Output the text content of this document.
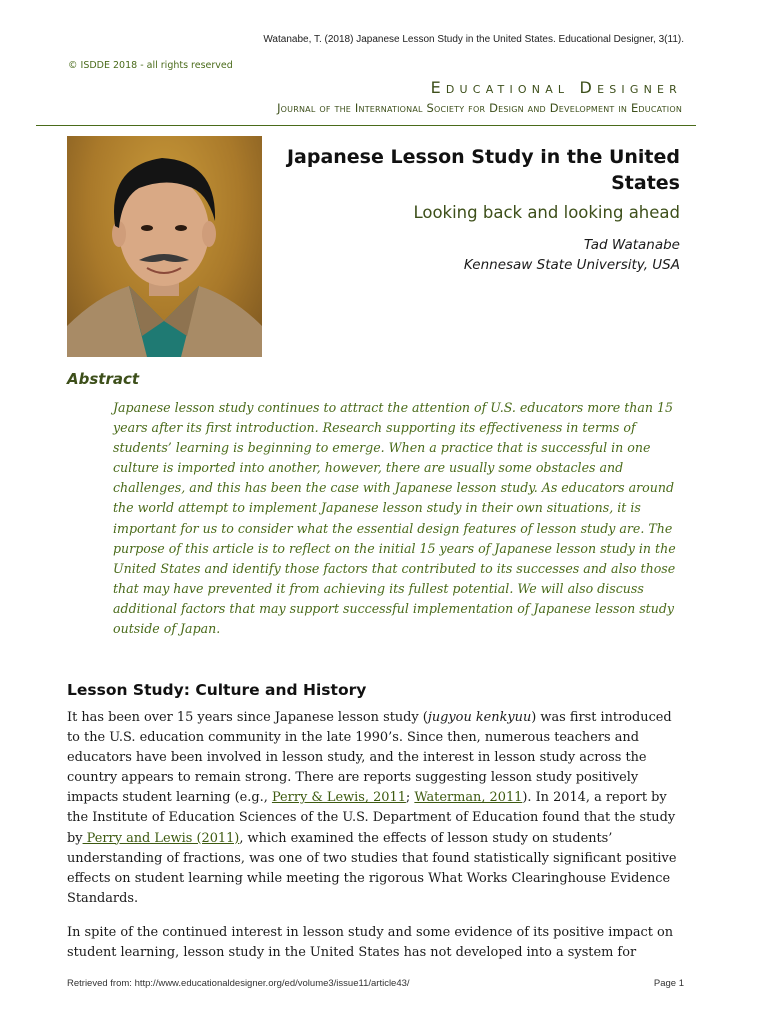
Watanabe, T. (2018) Japanese Lesson Study in the United States. Educational Designer, 3(11).
© ISDDE 2018 - all rights reserved
Educational Designer
Journal of the International Society for Design and Development in Education
Japanese Lesson Study in the United States
Looking back and looking ahead
Tad Watanabe
Kennesaw State University, USA
Abstract

Japanese lesson study continues to attract the attention of U.S. educators more than 15 years after its first introduction. Research supporting its effectiveness in terms of students’ learning is beginning to emerge. When a practice that is successful in one culture is imported into another, however, there are usually some obstacles and challenges, and this has been the case with Japanese lesson study. As educators around the world attempt to implement Japanese lesson study in their own situations, it is important for us to consider what the essential design features of lesson study are. The purpose of this article is to reflect on the initial 15 years of Japanese lesson study in the United States and identify those factors that contributed to its successes and also those that may have prevented it from achieving its fullest potential. We will also discuss additional factors that may support successful implementation of Japanese lesson study outside of Japan.

Lesson Study: Culture and History

It has been over 15 years since Japanese lesson study (jugyou kenkyuu) was first introduced to the U.S. education community in the late 1990’s. Since then, numerous teachers and educators have been involved in lesson study, and the interest in lesson study across the country appears to remain strong. There are reports suggesting lesson study positively impacts student learning (e.g., Perry & Lewis, 2011; Waterman, 2011). In 2014, a report by the Institute of Education Sciences of the U.S. Department of Education found that the study by Perry and Lewis (2011), which examined the effects of lesson study on students’ understanding of fractions, was one of two studies that found statistically significant positive effects on student learning while meeting the rigorous What Works Clearinghouse Evidence Standards.

In spite of the continued interest in lesson study and some evidence of its positive impact on student learning, lesson study in the United States has not developed into a system for

Retrieved from: http://www.educationaldesigner.org/ed/volume3/issue11/article43/	Page 1
